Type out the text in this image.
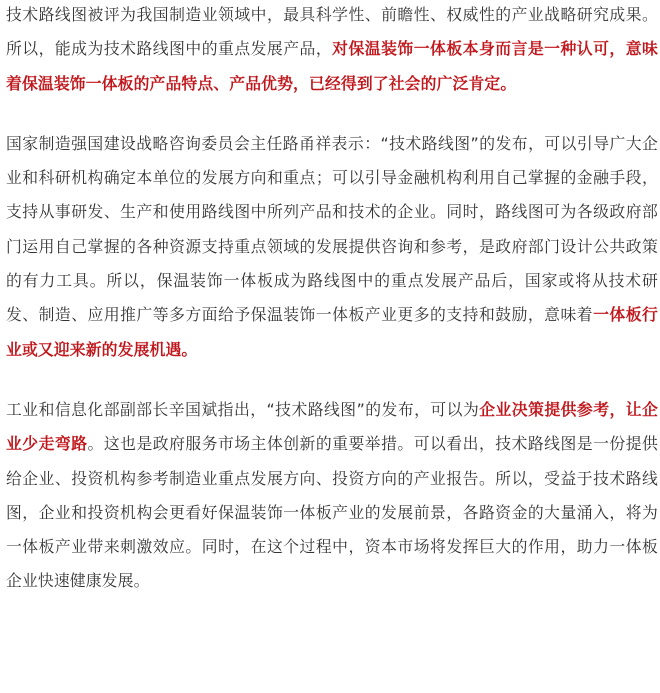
技术路线图被评为我国制造业领域中，最具科学性、前瞻性、权威性的产业战略研究成果。所以，能成为技术路线图中的重点发展产品，对保温装饰一体板本身而言是一种认可，意味着保温装饰一体板的产品特点、产品优势，已经得到了社会的广泛肯定。

国家制造强国建设战略咨询委员会主任路甬祥表示：“技术路线图”的发布，可以引导广大企业和科研机构确定本单位的发展方向和重点；可以引导金融机构利用自己掌握的金融手段，支持从事研发、生产和使用路线图中所列产品和技术的企业。同时，路线图可为各级政府部门运用自己掌握的各种资源支持重点领域的发展提供咨询和参考，是政府部门设计公共政策的有力工具。所以，保温装饰一体板成为路线图中的重点发展产品后，国家或将从技术研发、制造、应用推广等多方面给予保温装饰一体板产业更多的支持和鼓励，意味着一体板行业或又迎来新的发展机遇。

工业和信息化部副部长辛国斌指出，“技术路线图”的发布，可以为企业决策提供参考，让企业少走弯路。这也是政府服务市场主体创新的重要举措。可以看出，技术路线图是一份提供给企业、投资机构参考制造业重点发展方向、投资方向的产业报告。所以，受益于技术路线图，企业和投资机构会更看好保温装饰一体板产业的发展前景，各路资金的大量涌入，将为一体板产业带来刺激效应。同时，在这个过程中，资本市场将发挥巨大的作用，助力一体板企业快速健康发展。
